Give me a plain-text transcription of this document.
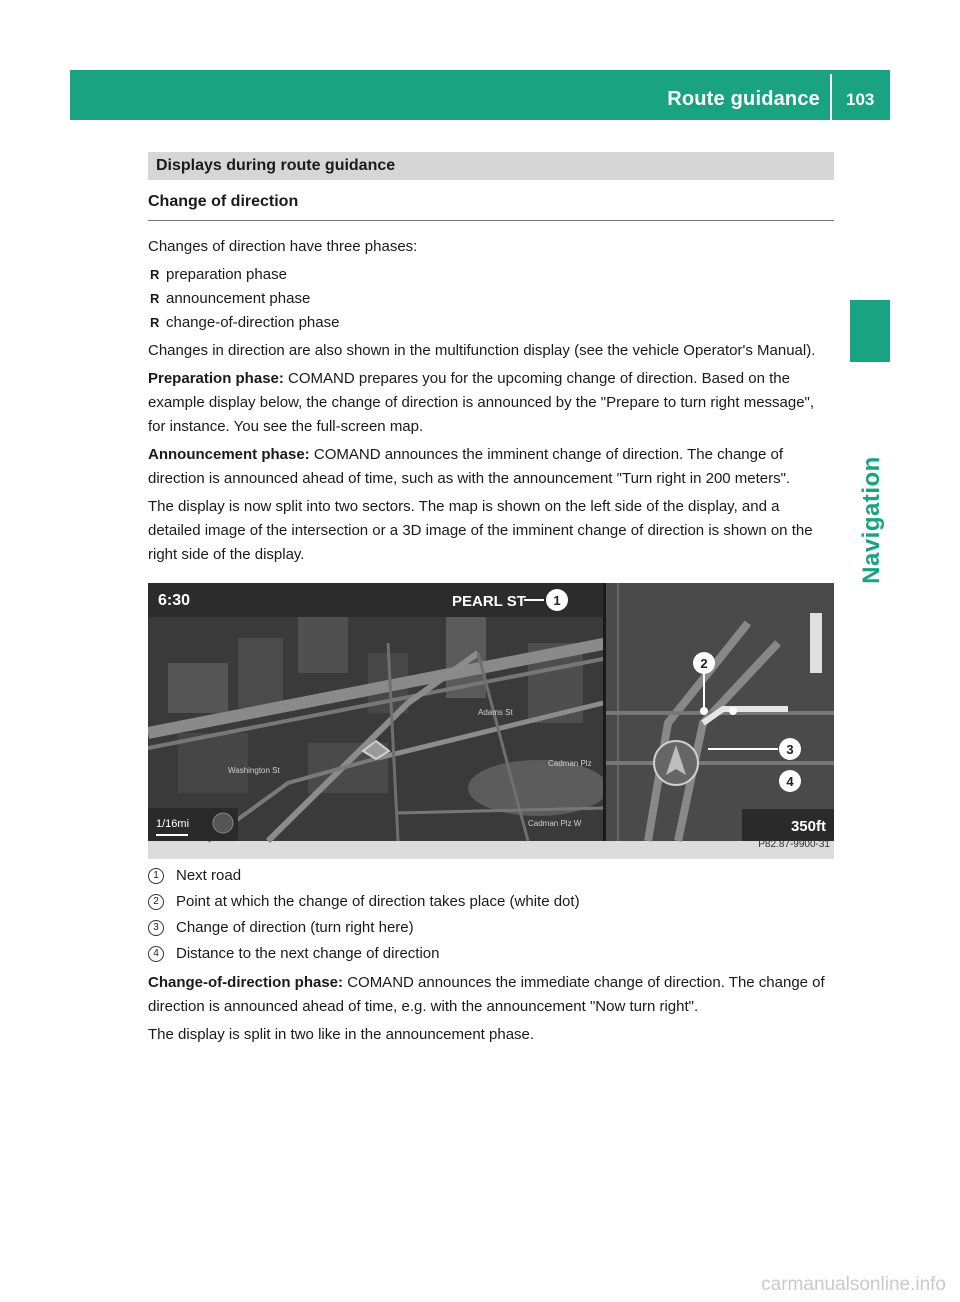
Route guidance 103
Navigation
Displays during route guidance
Change of direction

Changes of direction have three phases:

R preparation phase
R announcement phase
R change-of-direction phase

Changes in direction are also shown in the multifunction display (see the vehicle Operator's Manual).

Preparation phase: COMAND prepares you for the upcoming change of direction. Based on the example display below, the change of direction is announced by the "Prepare to turn right message", for instance. You see the full-screen map.

Announcement phase: COMAND announces the imminent change of direction. The change of direction is announced ahead of time, such as with the announcement "Turn right in 200 meters".

The display is now split into two sectors. The map is shown on the left side of the display, and a detailed image of the intersection or a 3D image of the imminent change of direction is shown on the right side of the display.

Washington St
Adams St
Cadman Plz W
Cadman Plz
6:30	PEARL ST 1
1/16mi
2
3
4
350ft
P82.87-9900-31
1	Next road
2	Point at which the change of direction takes place (white dot)
3	Change of direction (turn right here)
4	Distance to the next change of direction

Change-of-direction phase: COMAND announces the immediate change of direction. The change of direction is announced ahead of time, e.g. with the announcement "Now turn right".

The display is split in two like in the announcement phase.

carmanualsonline.info
